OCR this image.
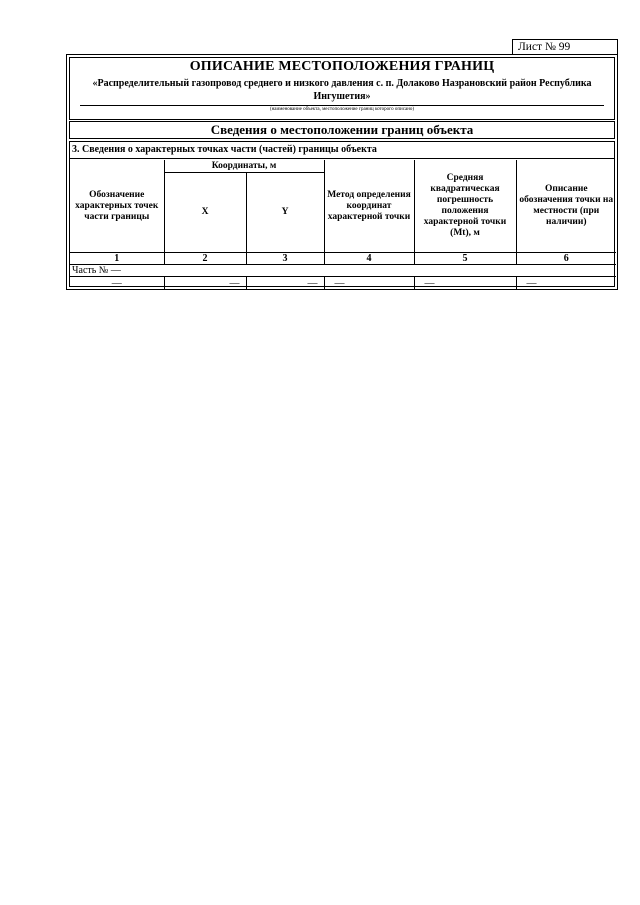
Лист № 99
ОПИСАНИЕ МЕСТОПОЛОЖЕНИЯ ГРАНИЦ
«Распределительный газопровод среднего и низкого давления с. п. Долаково Назрановский район Республика Ингушетия»
(наименование объекта, местоположение границ которого описано)
Сведения о местоположении границ объекта
3. Сведения о характерных точках части (частей) границы объекта
Обозначение характерных точек части границы	Координаты, м		Метод определения координат характерной точки	Средняя квадратическая погрешность положения характерной точки (Мt), м	Описание обозначения точки на местности (при наличии)
	X	Y			
1	2	3	4	5	6
Часть № —					
—	—	—	—	—	—
